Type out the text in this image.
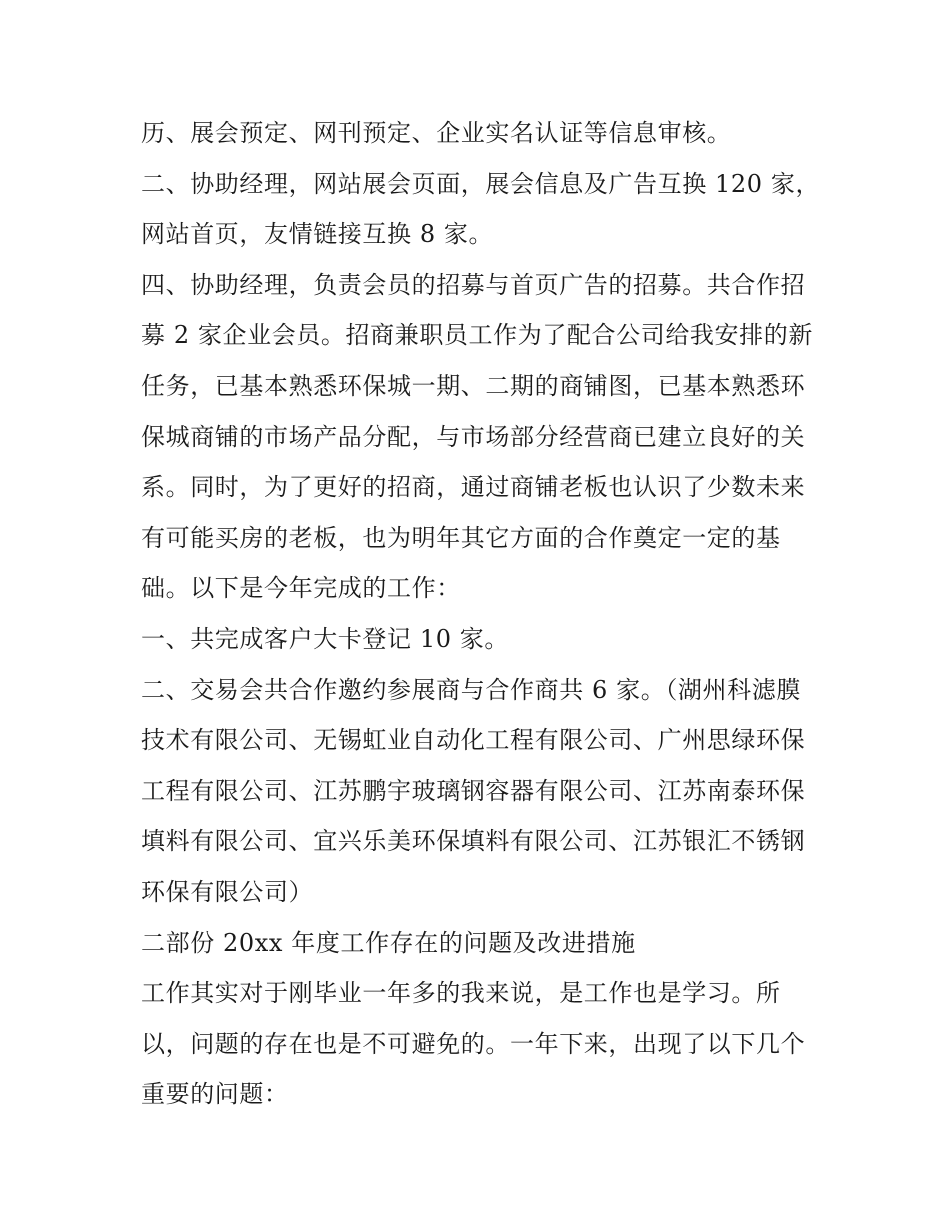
历、展会预定、网刊预定、企业实名认证等信息审核。
二、协助经理，网站展会页面，展会信息及广告互换 120 家，
网站首页，友情链接互换 8 家。
四、协助经理，负责会员的招募与首页广告的招募。共合作招
募 2 家企业会员。招商兼职员工作为了配合公司给我安排的新
任务，已基本熟悉环保城一期、二期的商铺图，已基本熟悉环
保城商铺的市场产品分配，与市场部分经营商已建立良好的关
系。同时，为了更好的招商，通过商铺老板也认识了少数未来
有可能买房的老板，也为明年其它方面的合作奠定一定的基
础。以下是今年完成的工作：
一、共完成客户大卡登记 10 家。
二、交易会共合作邀约参展商与合作商共 6 家。（湖州科滤膜
技术有限公司、无锡虹业自动化工程有限公司、广州思绿环保
工程有限公司、江苏鹏宇玻璃钢容器有限公司、江苏南泰环保
填料有限公司、宜兴乐美环保填料有限公司、江苏银汇不锈钢
环保有限公司）
二部份 20xx 年度工作存在的问题及改进措施
工作其实对于刚毕业一年多的我来说，是工作也是学习。所
以，问题的存在也是不可避免的。一年下来，出现了以下几个
重要的问题：
